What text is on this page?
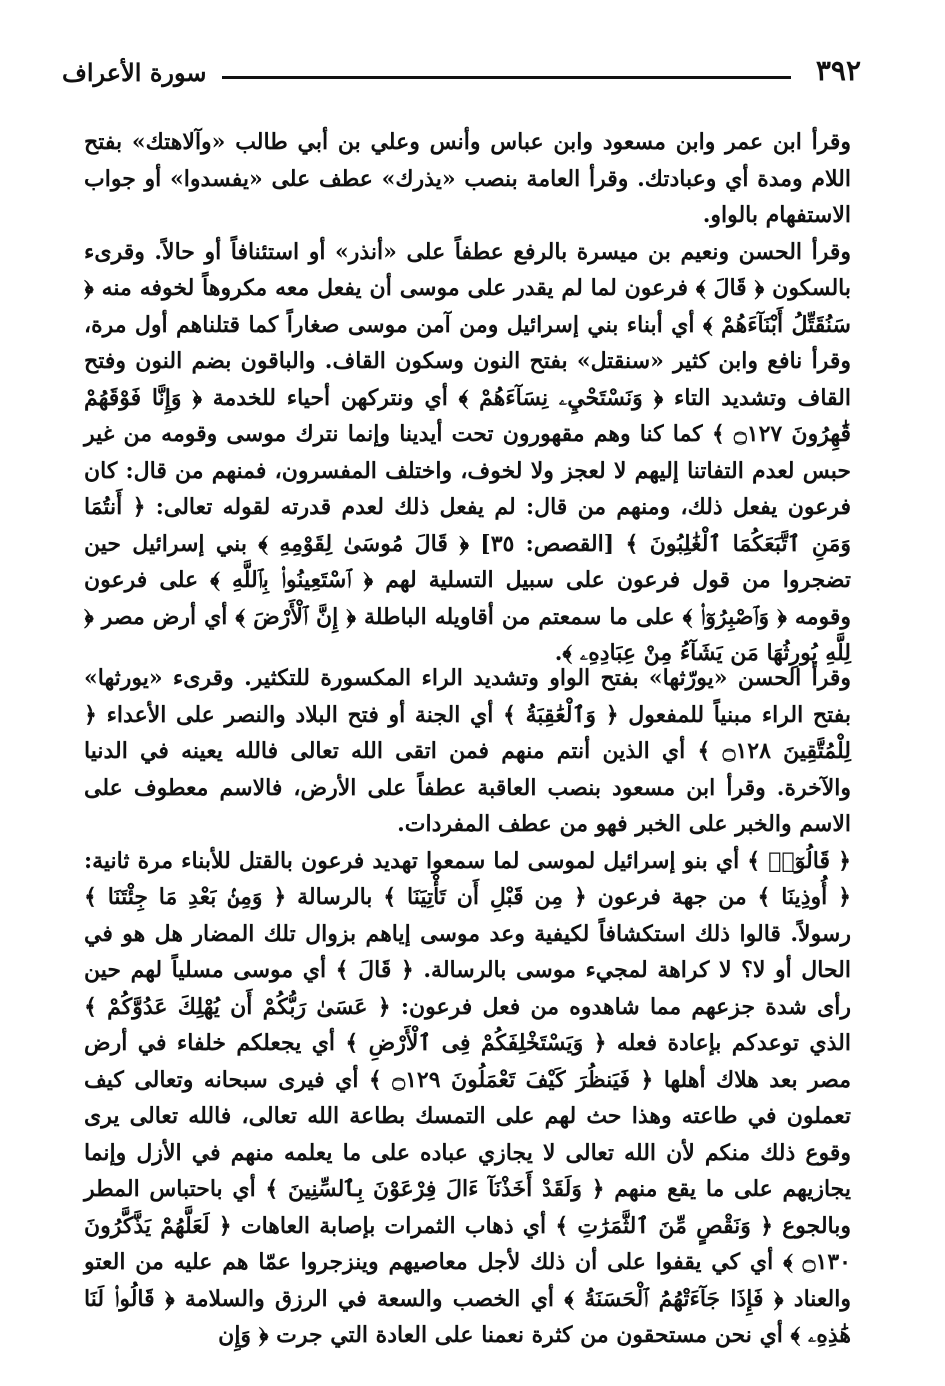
٣٩٢
سورة الأعراف

وقرأ ابن عمر وابن مسعود وابن عباس وأنس وعلي بن أبي طالب «وآلاهتك» بفتح اللام ومدة أي وعبادتك. وقرأ العامة بنصب «يذرك» عطف على «يفسدوا» أو جواب الاستفهام بالواو.

وقرأ الحسن ونعيم بن ميسرة بالرفع عطفاً على «أنذر» أو استئنافاً أو حالاً. وقرىء بالسكون ﴿ قَالَ ﴾ فرعون لما لم يقدر على موسى أن يفعل معه مكروهاً لخوفه منه ﴿ سَنُقَتِّلُ أَبْنَآءَهُمْ ﴾ أي أبناء بني إسرائيل ومن آمن موسى صغاراً كما قتلناهم أول مرة، وقرأ نافع وابن كثير «سنقتل» بفتح النون وسكون القاف. والباقون بضم النون وفتح القاف وتشديد التاء ﴿ وَنَسْتَحْيِۦ نِسَآءَهُمْ ﴾ أي ونتركهن أحياء للخدمة ﴿ وَإِنَّا فَوْقَهُمْ قَٰهِرُونَ ۝١٢٧ ﴾ كما كنا وهم مقهورون تحت أيدينا وإنما نترك موسى وقومه من غير حبس لعدم التفاتنا إليهم لا لعجز ولا لخوف، واختلف المفسرون، فمنهم من قال: كان فرعون يفعل ذلك، ومنهم من قال: لم يفعل ذلك لعدم قدرته لقوله تعالى: ﴿ أَنتُمَا وَمَنِ ٱتَّبَعَكُمَا ٱلْغَٰلِبُونَ ﴾ [القصص: ٣٥] ﴿ قَالَ مُوسَىٰ لِقَوْمِهِ ﴾ بني إسرائيل حين تضجروا من قول فرعون على سبيل التسلية لهم ﴿ ٱسْتَعِينُوا۟ بِٱللَّهِ ﴾ على فرعون وقومه ﴿ وَٱصْبِرُوٓا۟ ﴾ على ما سمعتم من أقاويله الباطلة ﴿ إِنَّ ٱلْأَرْضَ ﴾ أي أرض مصر ﴿ لِلَّهِ يُورِثُهَا مَن يَشَآءُ مِنْ عِبَادِهِۦ ﴾.

وقرأ الحسن «يورّثها» بفتح الواو وتشديد الراء المكسورة للتكثير. وقرىء «يورثها» بفتح الراء مبنياً للمفعول ﴿ وَٱلْعَٰقِبَةُ ﴾ أي الجنة أو فتح البلاد والنصر على الأعداء ﴿ لِلْمُتَّقِينَ ۝١٢٨ ﴾ أي الذين أنتم منهم فمن اتقى الله تعالى فالله يعينه في الدنيا والآخرة. وقرأ ابن مسعود بنصب العاقبة عطفاً على الأرض، فالاسم معطوف على الاسم والخبر على الخبر فهو من عطف المفردات.

﴿ قَالُوٓا۟ ﴾ أي بنو إسرائيل لموسى لما سمعوا تهديد فرعون بالقتل للأبناء مرة ثانية: ﴿ أُوذِينَا ﴾ من جهة فرعون ﴿ مِن قَبْلِ أَن تَأْتِيَنَا ﴾ بالرسالة ﴿ وَمِنۢ بَعْدِ مَا جِئْتَنَا ﴾ رسولاً. قالوا ذلك استكشافاً لكيفية وعد موسى إياهم بزوال تلك المضار هل هو في الحال أو لا؟ لا كراهة لمجيء موسى بالرسالة. ﴿ قَالَ ﴾ أي موسى مسلياً لهم حين رأى شدة جزعهم مما شاهدوه من فعل فرعون: ﴿ عَسَىٰ رَبُّكُمْ أَن يُهْلِكَ عَدُوَّكُمْ ﴾ الذي توعدكم بإعادة فعله ﴿ وَيَسْتَخْلِفَكُمْ فِى ٱلْأَرْضِ ﴾ أي يجعلكم خلفاء في أرض مصر بعد هلاك أهلها ﴿ فَيَنظُرَ كَيْفَ تَعْمَلُونَ ۝١٢٩ ﴾ أي فيرى سبحانه وتعالى كيف تعملون في طاعته وهذا حث لهم على التمسك بطاعة الله تعالى، فالله تعالى يرى وقوع ذلك منكم لأن الله تعالى لا يجازي عباده على ما يعلمه منهم في الأزل وإنما يجازيهم على ما يقع منهم ﴿ وَلَقَدْ أَخَذْنَآ ءَالَ فِرْعَوْنَ بِٱلسِّنِينَ ﴾ أي باحتباس المطر وبالجوع ﴿ وَنَقْصٍ مِّنَ ٱلثَّمَرَٰتِ ﴾ أي ذهاب الثمرات بإصابة العاهات ﴿ لَعَلَّهُمْ يَذَّكَّرُونَ ۝١٣٠ ﴾ أي كي يقفوا على أن ذلك لأجل معاصيهم وينزجروا عمّا هم عليه من العتو والعناد ﴿ فَإِذَا جَآءَتْهُمُ ٱلْحَسَنَةُ ﴾ أي الخصب والسعة في الرزق والسلامة ﴿ قَالُوا۟ لَنَا هَٰذِهِۦ ﴾ أي نحن مستحقون من كثرة نعمنا على العادة التي جرت ﴿ وَإِن
